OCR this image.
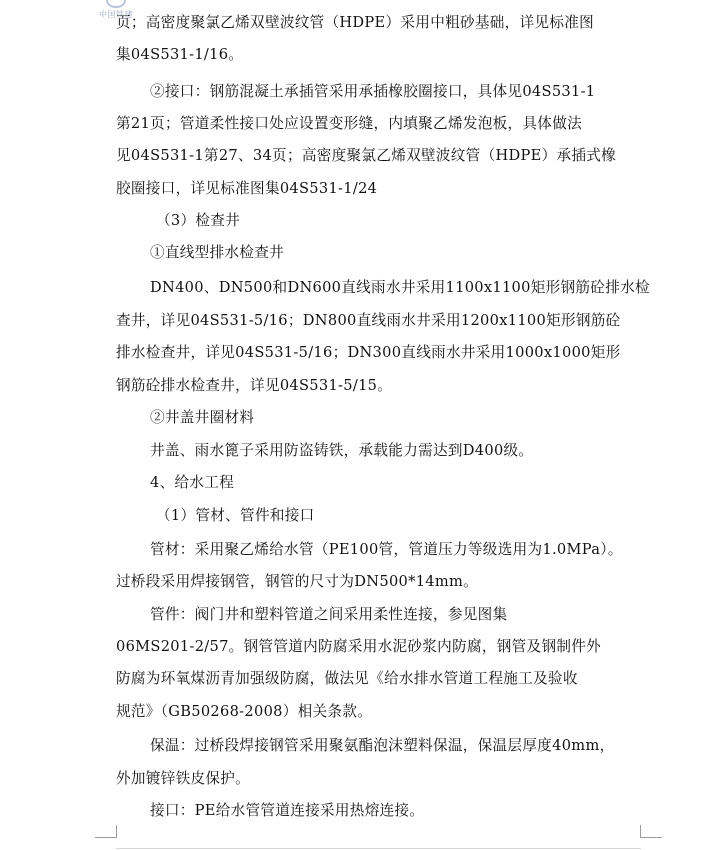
中国铁建
页；高密度聚氯乙烯双壁波纹管（HDPE）采用中粗砂基础，详见标准图
集04S531-1/16。
②接口：钢筋混凝土承插管采用承插橡胶圈接口，具体见04S531-1
第21页；管道柔性接口处应设置变形缝，内填聚乙烯发泡板，具体做法
见04S531-1第27、34页；高密度聚氯乙烯双壁波纹管（HDPE）承插式橡
胶圈接口，详见标准图集04S531-1/24
（3）检查井
①直线型排水检查井
DN400、DN500和DN600直线雨水井采用1100x1100矩形钢筋砼排水检
查井，详见04S531-5/16；DN800直线雨水井采用1200x1100矩形钢筋砼
排水检查井，详见04S531-5/16；DN300直线雨水井采用1000x1000矩形
钢筋砼排水检查井，详见04S531-5/15。
②井盖井圈材料
井盖、雨水篦子采用防盗铸铁，承载能力需达到D400级。
4、给水工程
（1）管材、管件和接口
管材：采用聚乙烯给水管（PE100管，管道压力等级选用为1.0MPa）。
过桥段采用焊接钢管，钢管的尺寸为DN500*14mm。
管件：阀门井和塑料管道之间采用柔性连接，参见图集
06MS201-2/57。钢管管道内防腐采用水泥砂浆内防腐，钢管及钢制件外
防腐为环氧煤沥青加强级防腐，做法见《给水排水管道工程施工及验收
规范》（GB50268-2008）相关条款。
保温：过桥段焊接钢管采用聚氨酯泡沫塑料保温，保温层厚度40mm，
外加镀锌铁皮保护。
接口：PE给水管管道连接采用热熔连接。
